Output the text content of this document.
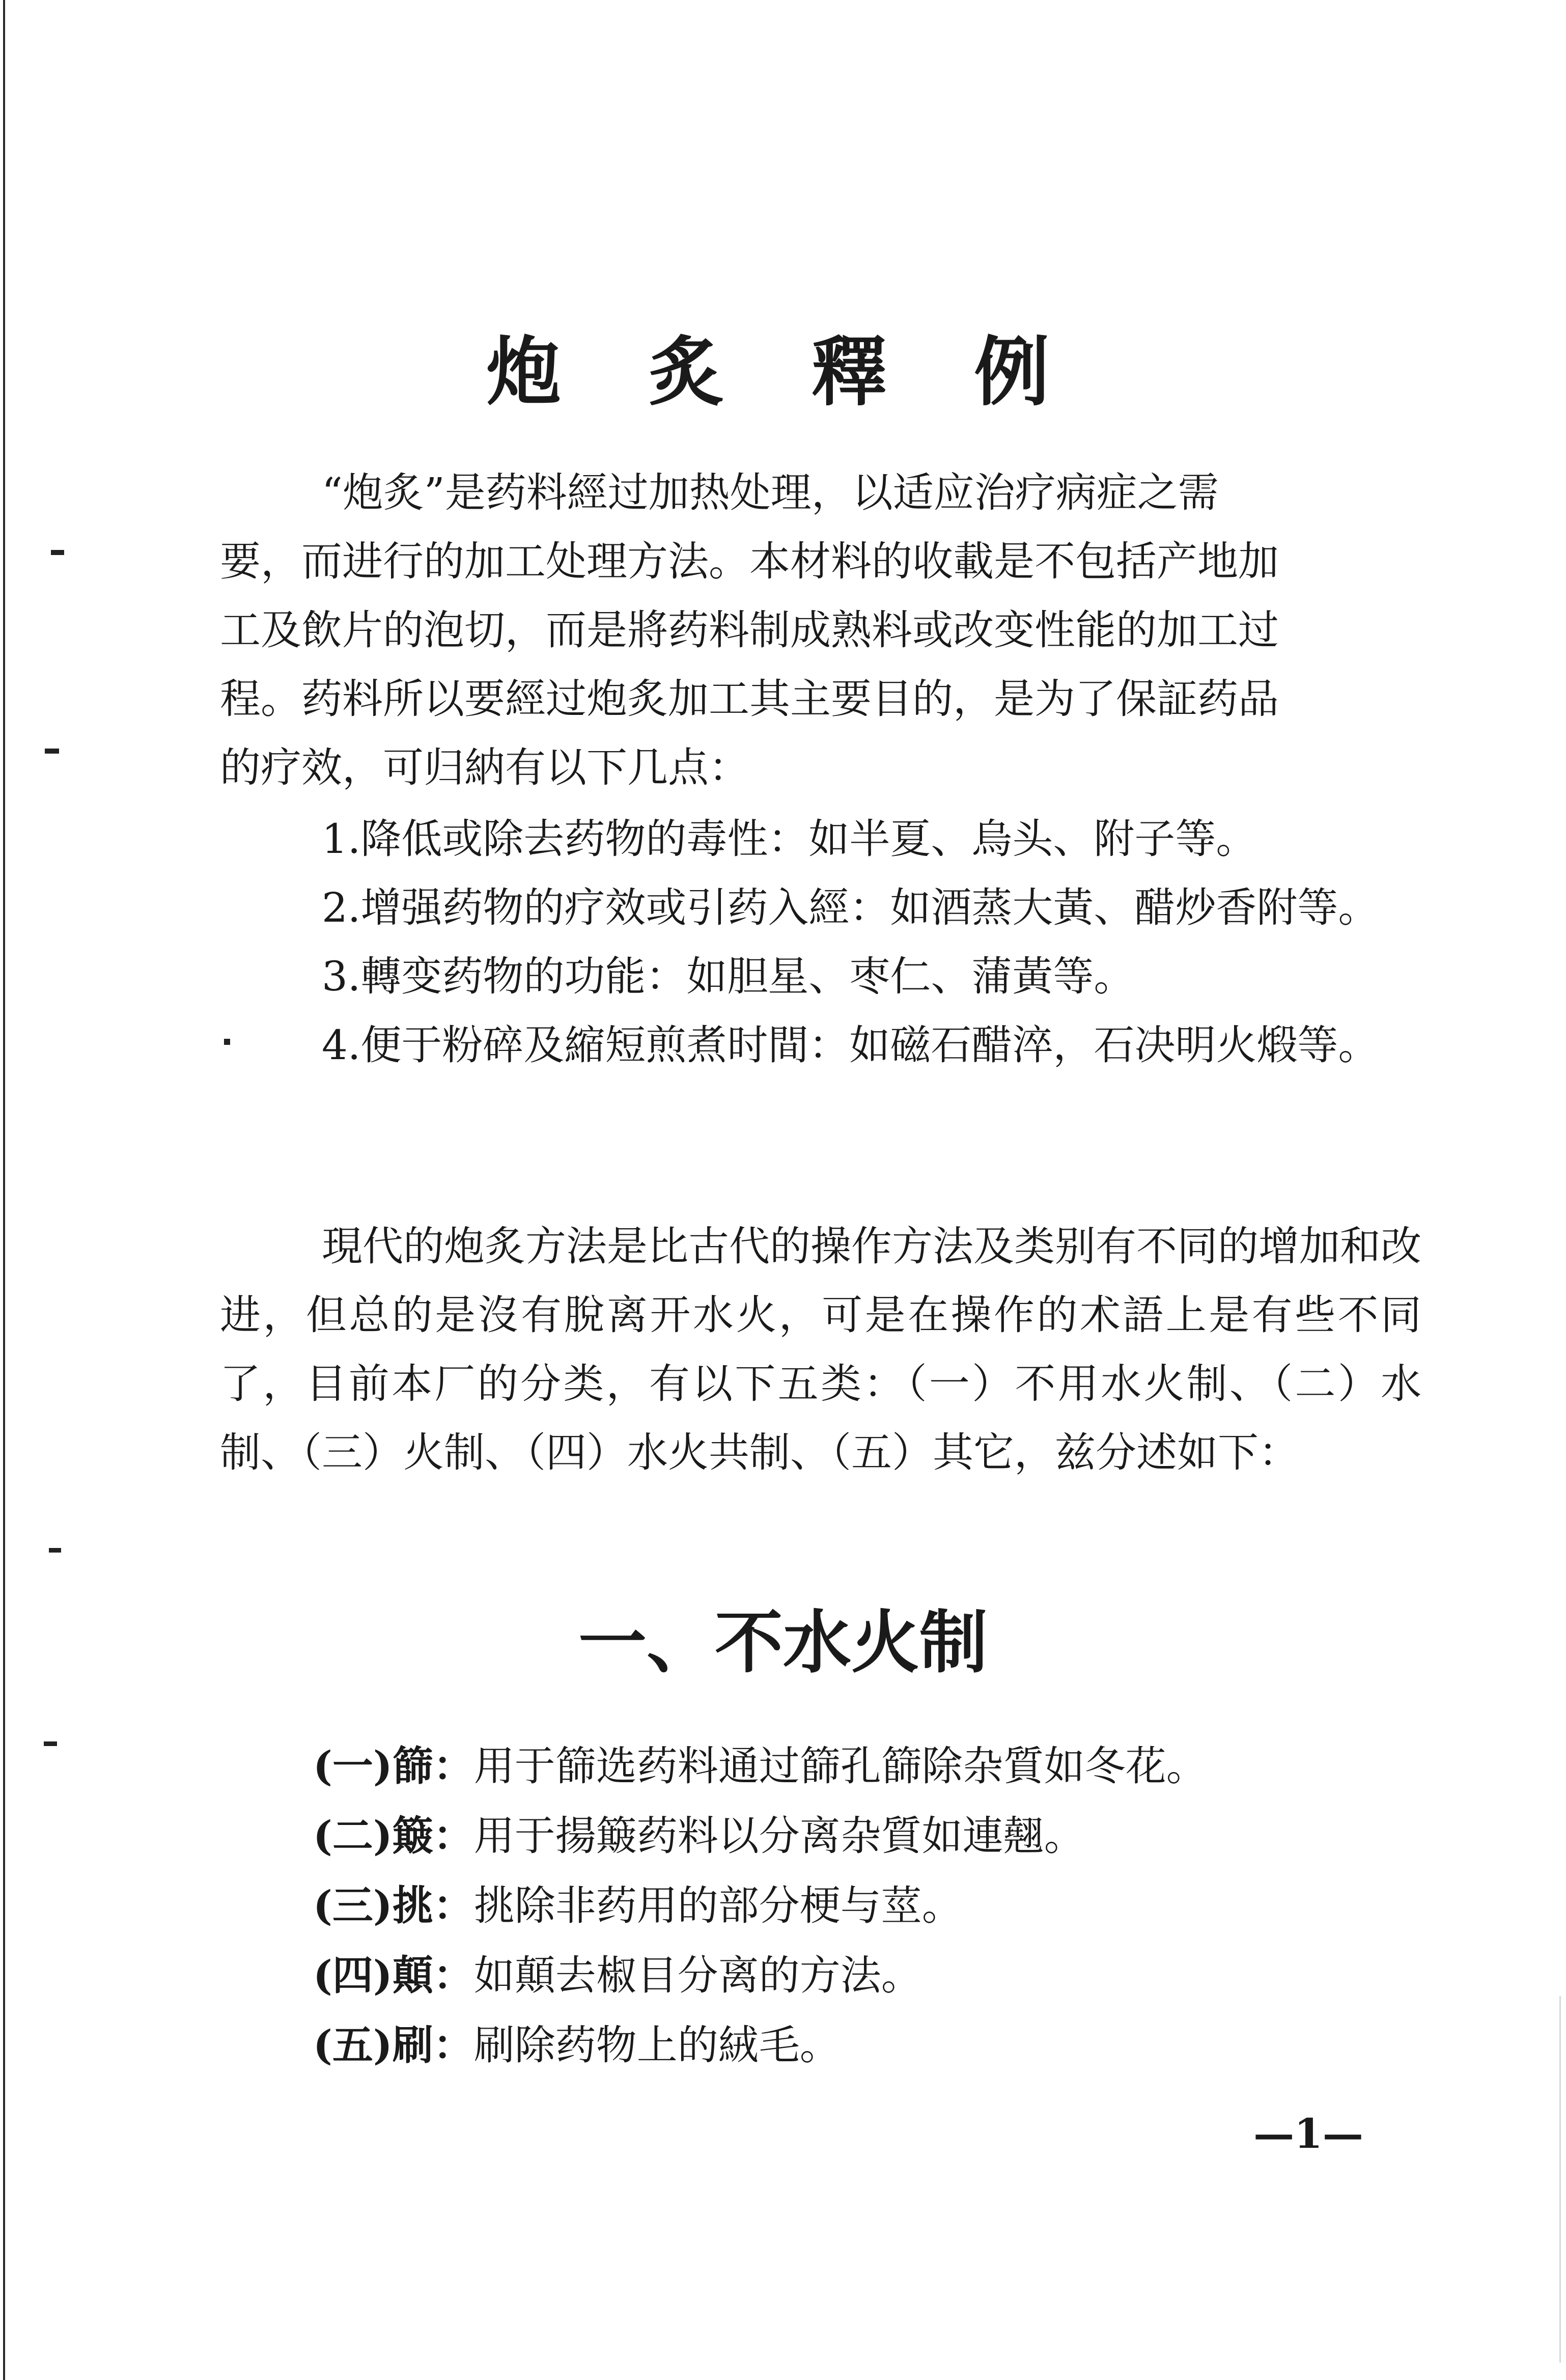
炮 炙 釋 例

“炮炙”是药料經过加热处理，以适应治疗病症之需
要，而进行的加工处理方法。本材料的收載是不包括产地加
工及飲片的泡切，而是將药料制成熟料或改变性能的加工过
程。药料所以要經过炮炙加工其主要目的，是为了保証药品
的疗效，可归納有以下几点：

1.降低或除去药物的毒性：如半夏、烏头、附子等。
2.增强药物的疗效或引药入經：如酒蒸大黃、醋炒香附等。
3.轉变药物的功能：如胆星、枣仁、蒲黃等。
4.便于粉碎及縮短煎煮时間：如磁石醋淬，石决明火煅等。

現代的炮炙方法是比古代的操作方法及类别有不同的增加和改进，但总的是沒有脫离开水火，可是在操作的术語上是有些不同了，目前本厂的分类，有以下五类：（一）不用水火制、（二）水制、（三）火制、（四）水火共制、（五）其它，兹分述如下：

一、不水火制
(一)篩：用于篩选药料通过篩孔篩除杂質如冬花。
(二)簸：用于揚簸药料以分离杂質如連翹。
(三)挑：挑除非药用的部分梗与莖。
(四)顛：如顛去椒目分离的方法。
(五)刷：刷除药物上的絨毛。
—1—
